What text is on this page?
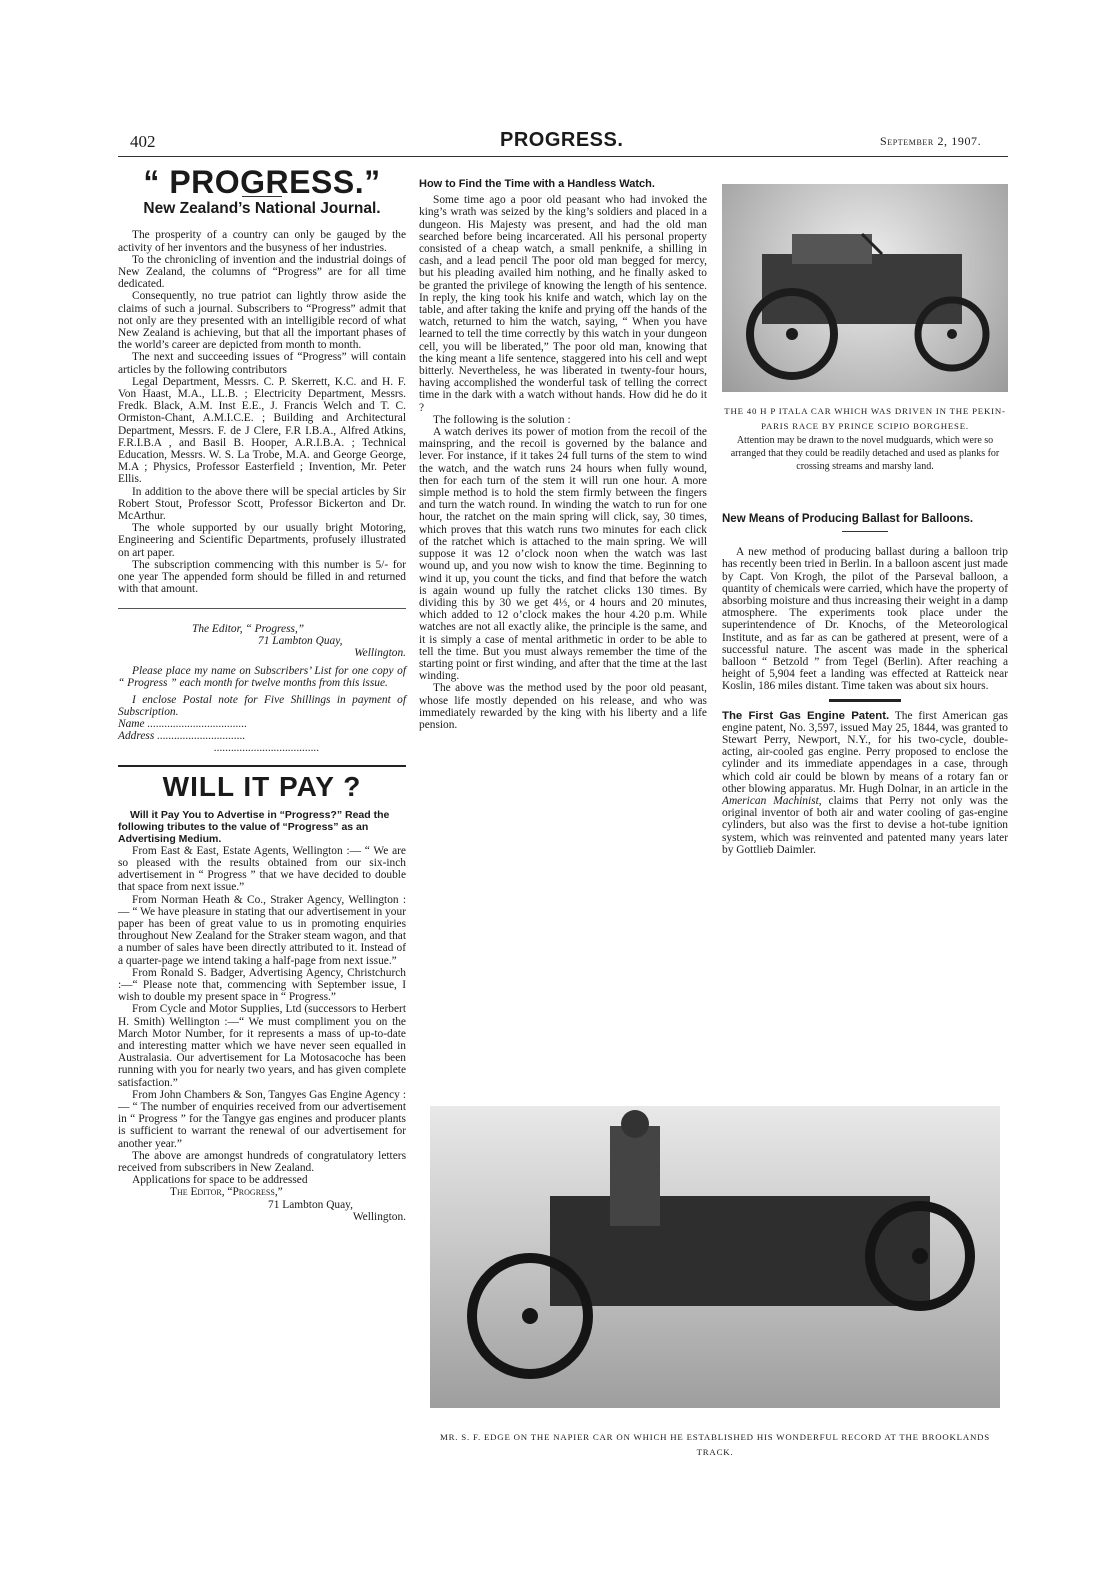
402	PROGRESS.	September 2, 1907.
“ PROGRESS.”
New Zealand’s National Journal.

The prosperity of a country can only be gauged by the activity of her inventors and the busyness of her industries.

To the chronicling of invention and the industrial doings of New Zealand, the columns of “Progress” are for all time dedicated.

Consequently, no true patriot can lightly throw aside the claims of such a journal. Subscribers to “Progress” admit that not only are they presented with an intelligible record of what New Zealand is achieving, but that all the important phases of the world’s career are depicted from month to month.

The next and succeeding issues of “Progress” will contain articles by the following contributors

Legal Department, Messrs. C. P. Skerrett, K.C. and H. F. Von Haast, M.A., LL.B. ; Electricity Department, Messrs. Fredk. Black, A.M. Inst E.E., J. Francis Welch and T. C. Ormiston-Chant, A.M.I.C.E. ; Building and Architectural Department, Messrs. F. de J Clere, F.R I.B.A., Alfred Atkins, F.R.I.B.A , and Basil B. Hooper, A.R.I.B.A. ; Technical Education, Messrs. W. S. La Trobe, M.A. and George George, M.A ; Physics, Professor Easterfield ; Invention, Mr. Peter Ellis.

In addition to the above there will be special articles by Sir Robert Stout, Professor Scott, Professor Bickerton and Dr. McArthur.

The whole supported by our usually bright Motoring, Engineering and Scientific Departments, profusely illustrated on art paper.

The subscription commencing with this number is 5/- for one year The appended form should be filled in and returned with that amount.

The Editor, “ Progress,”
71 Lambton Quay,
Wellington.

Please place my name on Subscribers’ List for one copy of “ Progress ” each month for twelve months from this issue.

I enclose Postal note for Five Shillings in payment of Subscription.

Name ...................................

Address ...............................

.....................................

WILL IT PAY ?

Will it Pay You to Advertise in “Progress?” Read the following tributes to the value of “Progress” as an Advertising Medium.

From East & East, Estate Agents, Wellington :— “ We are so pleased with the results obtained from our six-inch advertisement in “ Progress ” that we have decided to double that space from next issue.”

From Norman Heath & Co., Straker Agency, Wellington :— “ We have pleasure in stating that our advertisement in your paper has been of great value to us in promoting enquiries throughout New Zealand for the Straker steam wagon, and that a number of sales have been directly attributed to it. Instead of a quarter-page we intend taking a half-page from next issue.”

From Ronald S. Badger, Advertising Agency, Christchurch :—“ Please note that, commencing with September issue, I wish to double my present space in “ Progress.”

From Cycle and Motor Supplies, Ltd (successors to Herbert H. Smith) Wellington :—“ We must compliment you on the March Motor Number, for it represents a mass of up-to-date and interesting matter which we have never seen equalled in Australasia. Our advertisement for La Motosacoche has been running with you for nearly two years, and has given complete satisfaction.”

From John Chambers & Son, Tangyes Gas Engine Agency :— “ The number of enquiries received from our advertisement in “ Progress ” for the Tangye gas engines and producer plants is sufficient to warrant the renewal of our advertisement for another year.”

The above are amongst hundreds of congratulatory letters received from subscribers in New Zealand.

Applications for space to be addressed

The Editor, “Progress,”
71 Lambton Quay,
Wellington.
How to Find the Time with a Handless Watch.

Some time ago a poor old peasant who had invoked the king’s wrath was seized by the king’s soldiers and placed in a dungeon. His Majesty was present, and had the old man searched before being incarcerated. All his personal property consisted of a cheap watch, a small penknife, a shilling in cash, and a lead pencil The poor old man begged for mercy, but his pleading availed him nothing, and he finally asked to be granted the privilege of knowing the length of his sentence. In reply, the king took his knife and watch, which lay on the table, and after taking the knife and prying off the hands of the watch, returned to him the watch, saying, “ When you have learned to tell the time correctly by this watch in your dungeon cell, you will be liberated,” The poor old man, knowing that the king meant a life sentence, staggered into his cell and wept bitterly. Nevertheless, he was liberated in twenty-four hours, having accomplished the wonderful task of telling the correct time in the dark with a watch without hands. How did he do it ?

The following is the solution :

A watch derives its power of motion from the recoil of the mainspring, and the recoil is governed by the balance and lever. For instance, if it takes 24 full turns of the stem to wind the watch, and the watch runs 24 hours when fully wound, then for each turn of the stem it will run one hour. A more simple method is to hold the stem firmly between the fingers and turn the watch round. In winding the watch to run for one hour, the ratchet on the main spring will click, say, 30 times, which proves that this watch runs two minutes for each click of the ratchet which is attached to the main spring. We will suppose it was 12 o’clock noon when the watch was last wound up, and you now wish to know the time. Beginning to wind it up, you count the ticks, and find that before the watch is again wound up fully the ratchet clicks 130 times. By dividing this by 30 we get 4⅓, or 4 hours and 20 minutes, which added to 12 o’clock makes the hour 4.20 p.m. While watches are not all exactly alike, the principle is the same, and it is simply a case of mental arithmetic in order to be able to tell the time. But you must always remember the time of the starting point or first winding, and after that the time at the last winding.

The above was the method used by the poor old peasant, whose life mostly depended on his release, and who was immediately rewarded by the king with his liberty and a life pension.

THE 40 H P ITALA CAR WHICH WAS DRIVEN IN THE PEKIN-PARIS RACE BY PRINCE SCIPIO BORGHESE.
Attention may be drawn to the novel mudguards, which were so arranged that they could be readily detached and used as planks for crossing streams and marshy land.
New Means of Producing Ballast for Balloons.

A new method of producing ballast during a balloon trip has recently been tried in Berlin. In a balloon ascent just made by Capt. Von Krogh, the pilot of the Parseval balloon, a quantity of chemicals were carried, which have the property of absorbing moisture and thus increasing their weight in a damp atmosphere. The experiments took place under the superintendence of Dr. Knochs, of the Meteorological Institute, and as far as can be gathered at present, were of a successful nature. The ascent was made in the spherical balloon “ Betzold ” from Tegel (Berlin). After reaching a height of 5,904 feet a landing was effected at Ratteick near Koslin, 186 miles distant. Time taken was about six hours.

The First Gas Engine Patent. The first American gas engine patent, No. 3,597, issued May 25, 1844, was granted to Stewart Perry, Newport, N.Y., for his two-cycle, double-acting, air-cooled gas engine. Perry proposed to enclose the cylinder and its immediate appendages in a case, through which cold air could be blown by means of a rotary fan or other blowing apparatus. Mr. Hugh Dolnar, in an article in the American Machinist, claims that Perry not only was the original inventor of both air and water cooling of gas-engine cylinders, but also was the first to devise a hot-tube ignition system, which was reinvented and patented many years later by Gottlieb Daimler.

MR. S. F. EDGE ON THE NAPIER CAR ON WHICH HE ESTABLISHED HIS WONDERFUL RECORD AT THE BROOKLANDS TRACK.
